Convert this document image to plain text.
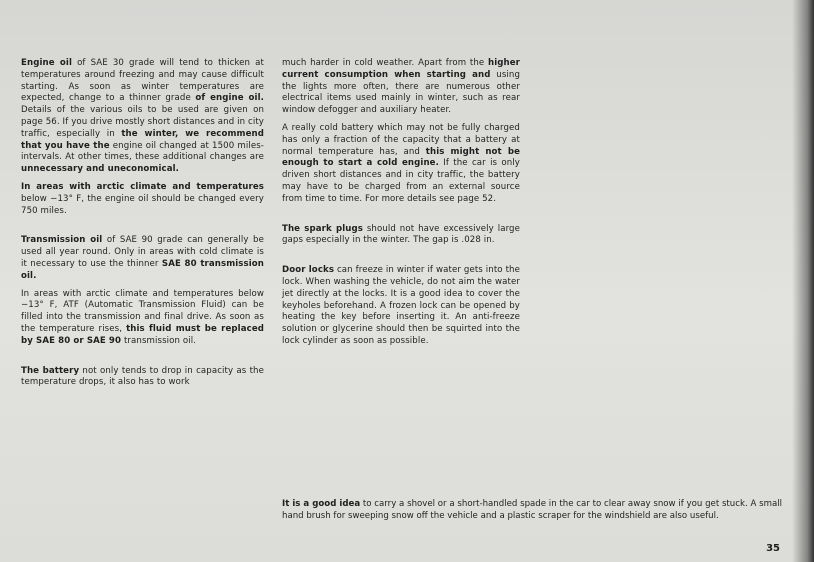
Engine oil of SAE 30 grade will tend to thicken at temperatures around freezing and may cause difficult starting. As soon as winter temperatures are expected, change to a thinner grade of engine oil. Details of the various oils to be used are given on page 56. If you drive mostly short distances and in city traffic, especially in the winter, we recommend that you have the engine oil changed at 1500 miles-intervals. At other times, these additional changes are unnecessary and uneconomical.

In areas with arctic climate and temperatures below −13° F, the engine oil should be changed every 750 miles.

Transmission oil of SAE 90 grade can generally be used all year round. Only in areas with cold climate is it necessary to use the thinner SAE 80 transmission oil.

In areas with arctic climate and temperatures below −13° F, ATF (Automatic Transmission Fluid) can be filled into the transmission and final drive. As soon as the temperature rises, this fluid must be replaced by SAE 80 or SAE 90 transmission oil.

The battery not only tends to drop in capacity as the temperature drops, it also has to work

much harder in cold weather. Apart from the higher current consumption when starting and using the lights more often, there are numerous other electrical items used mainly in winter, such as rear window defogger and auxiliary heater.

A really cold battery which may not be fully charged has only a fraction of the capacity that a battery at normal temperature has, and this might not be enough to start a cold engine. If the car is only driven short distances and in city traffic, the battery may have to be charged from an external source from time to time. For more details see page 52.

The spark plugs should not have excessively large gaps especially in the winter. The gap is .028 in.

Door locks can freeze in winter if water gets into the lock. When washing the vehicle, do not aim the water jet directly at the locks. It is a good idea to cover the keyholes beforehand. A frozen lock can be opened by heating the key before inserting it. An anti-freeze solution or glycerine should then be squirted into the lock cylinder as soon as possible.

It is a good idea to carry a shovel or a short-handled spade in the car to clear away snow if you get stuck. A small hand brush for sweeping snow off the vehicle and a plastic scraper for the windshield are also useful.
35
